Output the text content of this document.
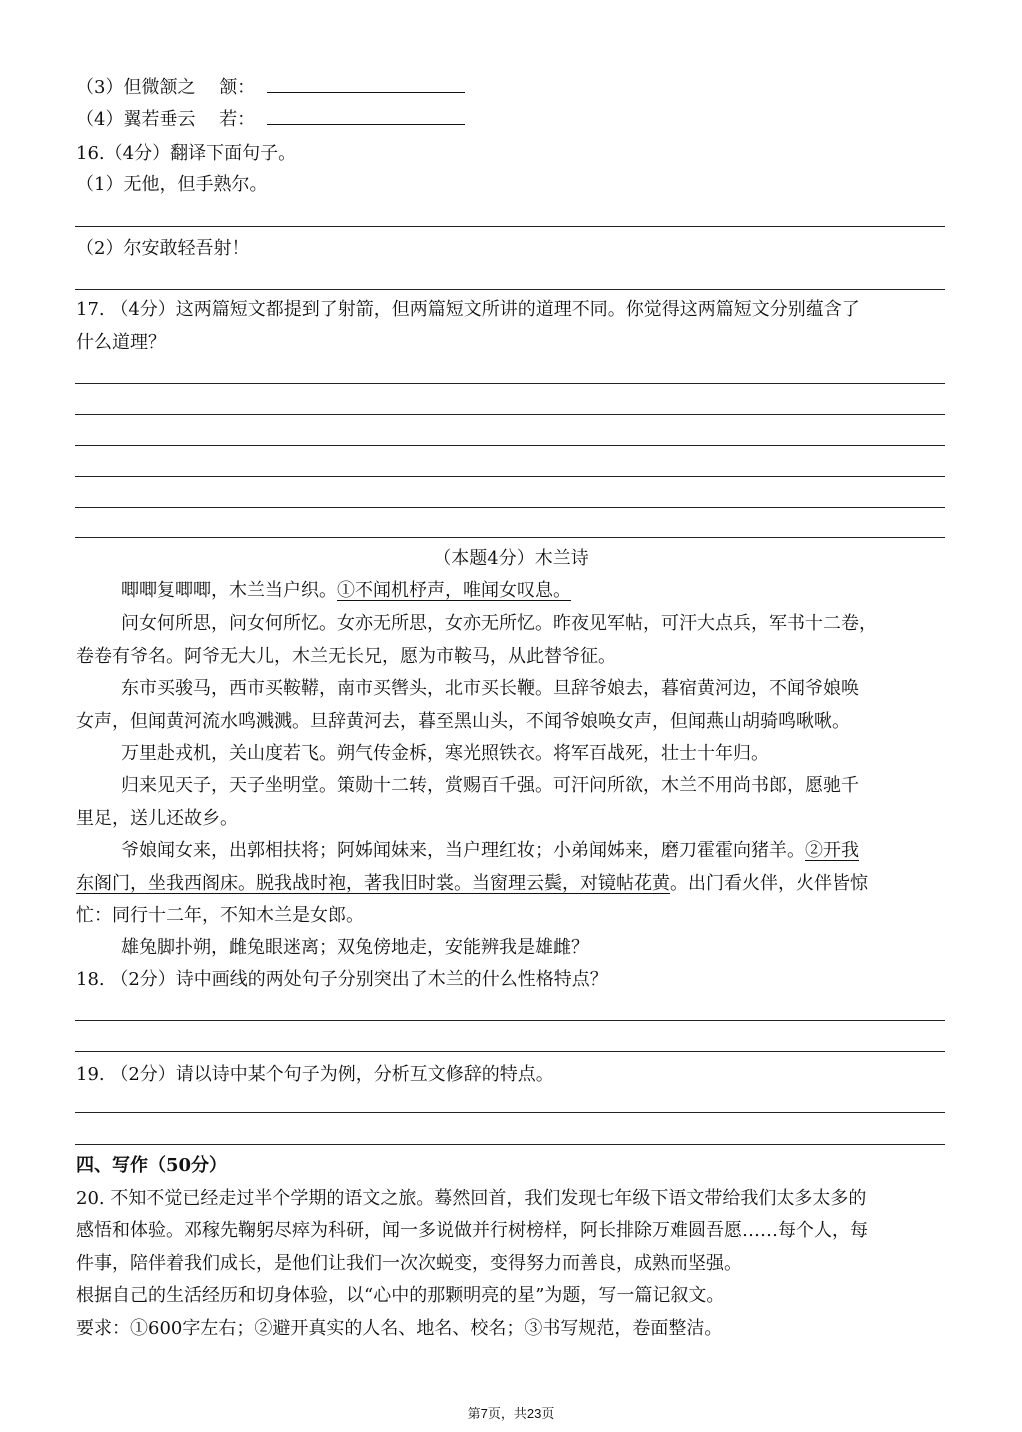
（3）但微颔之 颔：
（4）翼若垂云 若：
16.（4分）翻译下面句子。
（1）无他，但手熟尔。
（2）尔安敢轻吾射！
17. （4分）这两篇短文都提到了射箭，但两篇短文所讲的道理不同。你觉得这两篇短文分别蕴含了
什么道理？
（本题4分）木兰诗
唧唧复唧唧，木兰当户织。①不闻机杼声，唯闻女叹息。
问女何所思，问女何所忆。女亦无所思，女亦无所忆。昨夜见军帖，可汗大点兵，军书十二卷，
卷卷有爷名。阿爷无大儿，木兰无长兄，愿为市鞍马，从此替爷征。
东市买骏马，西市买鞍鞯，南市买辔头，北市买长鞭。旦辞爷娘去，暮宿黄河边，不闻爷娘唤
女声，但闻黄河流水鸣溅溅。旦辞黄河去，暮至黑山头，不闻爷娘唤女声，但闻燕山胡骑鸣啾啾。
万里赴戎机，关山度若飞。朔气传金柝，寒光照铁衣。将军百战死，壮士十年归。
归来见天子，天子坐明堂。策勋十二转，赏赐百千强。可汗问所欲，木兰不用尚书郎，愿驰千
里足，送儿还故乡。
爷娘闻女来，出郭相扶将；阿姊闻妹来，当户理红妆；小弟闻姊来，磨刀霍霍向猪羊。②开我
东阁门，坐我西阁床。脱我战时袍，著我旧时裳。当窗理云鬓，对镜帖花黄。出门看火伴，火伴皆惊
忙：同行十二年，不知木兰是女郎。
雄兔脚扑朔，雌兔眼迷离；双兔傍地走，安能辨我是雄雌？
18. （2分）诗中画线的两处句子分别突出了木兰的什么性格特点？
19. （2分）请以诗中某个句子为例，分析互文修辞的特点。
四、写作（50分）
20. 不知不觉已经走过半个学期的语文之旅。蓦然回首，我们发现七年级下语文带给我们太多太多的
感悟和体验。邓稼先鞠躬尽瘁为科研，闻一多说做并行树榜样，阿长排除万难圆吾愿……每个人，每
件事，陪伴着我们成长，是他们让我们一次次蜕变，变得努力而善良，成熟而坚强。
根据自己的生活经历和切身体验，以“心中的那颗明亮的星”为题，写一篇记叙文。
要求：①600字左右；②避开真实的人名、地名、校名；③书写规范，卷面整洁。
第7页，共23页
